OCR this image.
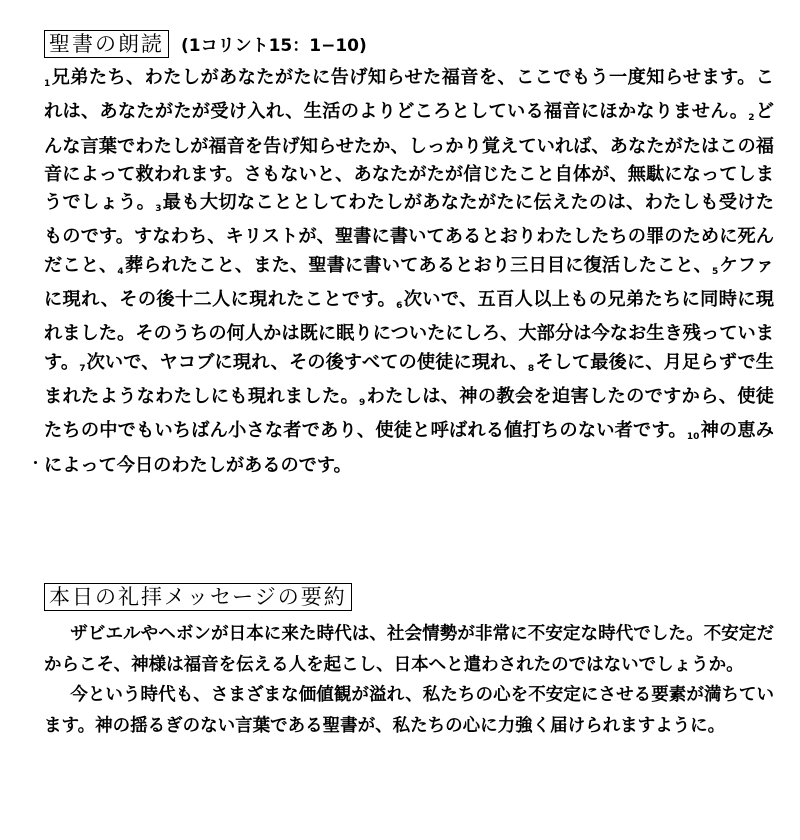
聖書の朗読 (1コリント15：1−10)

1兄弟たち、わたしがあなたがたに告げ知らせた福音を、ここでもう一度知らせます。これは、あなたがたが受け入れ、生活のよりどころとしている福音にほかなりません。2どんな言葉でわたしが福音を告げ知らせたか、しっかり覚えていれば、あなたがたはこの福音によって救われます。さもないと、あなたがたが信じたこと自体が、無駄になってしまうでしょう。3最も大切なこととしてわたしがあなたがたに伝えたのは、わたしも受けたものです。すなわち、キリストが、聖書に書いてあるとおりわたしたちの罪のために死んだこと、4葬られたこと、また、聖書に書いてあるとおり三日目に復活したこと、5ケファに現れ、その後十二人に現れたことです。6次いで、五百人以上もの兄弟たちに同時に現れました。そのうちの何人かは既に眠りについたにしろ、大部分は今なお生き残っています。7次いで、ヤコブに現れ、その後すべての使徒に現れ、8そして最後に、月足らずで生まれたようなわたしにも現れました。9わたしは、神の教会を迫害したのですから、使徒たちの中でもいちばん小さな者であり、使徒と呼ばれる値打ちのない者です。10神の恵みによって今日のわたしがあるのです。

本日の礼拝メッセージの要約

ザビエルやヘボンが日本に来た時代は、社会情勢が非常に不安定な時代でした。不安定だからこそ、神様は福音を伝える人を起こし、日本へと遣わされたのではないでしょうか。

今という時代も、さまざまな価値観が溢れ、私たちの心を不安定にさせる要素が満ちています。神の揺るぎのない言葉である聖書が、私たちの心に力強く届けられますように。
